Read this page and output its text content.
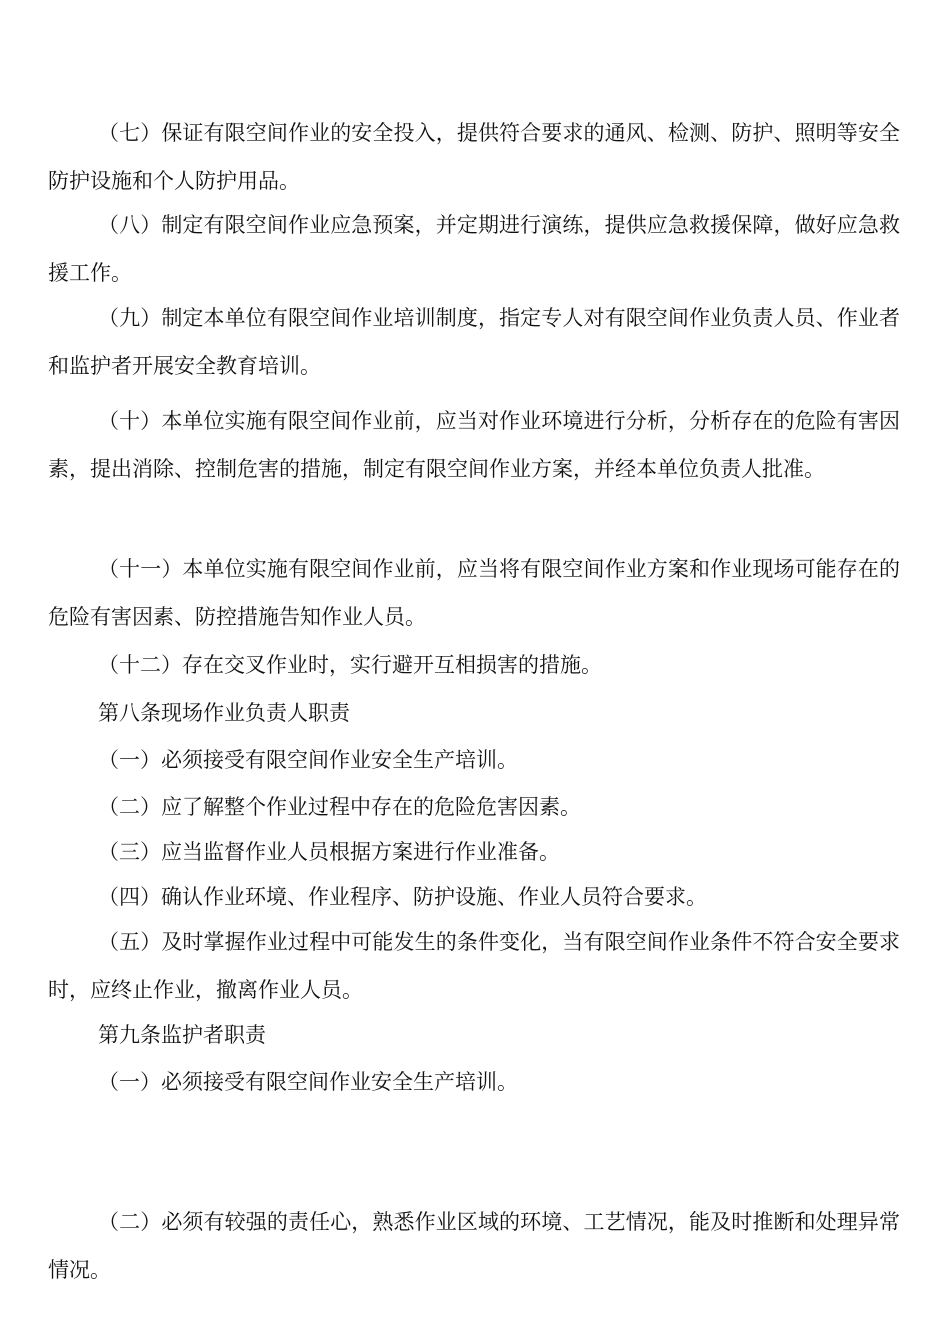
（七）保证有限空间作业的安全投入，提供符合要求的通风、检测、防护、照明等安全防护设施和个人防护用品。
（八）制定有限空间作业应急预案，并定期进行演练，提供应急救援保障，做好应急救援工作。
（九）制定本单位有限空间作业培训制度，指定专人对有限空间作业负责人员、作业者和监护者开展安全教育培训。
（十）本单位实施有限空间作业前，应当对作业环境进行分析，分析存在的危险有害因素，提出消除、控制危害的措施，制定有限空间作业方案，并经本单位负责人批准。
（十一）本单位实施有限空间作业前，应当将有限空间作业方案和作业现场可能存在的危险有害因素、防控措施告知作业人员。
（十二）存在交叉作业时，实行避开互相损害的措施。
第八条现场作业负责人职责
（一）必须接受有限空间作业安全生产培训。
（二）应了解整个作业过程中存在的危险危害因素。
（三）应当监督作业人员根据方案进行作业准备。
（四）确认作业环境、作业程序、防护设施、作业人员符合要求。
（五）及时掌握作业过程中可能发生的条件变化，当有限空间作业条件不符合安全要求时，应终止作业，撤离作业人员。
第九条监护者职责
（一）必须接受有限空间作业安全生产培训。
（二）必须有较强的责任心，熟悉作业区域的环境、工艺情况，能及时推断和处理异常情况。
